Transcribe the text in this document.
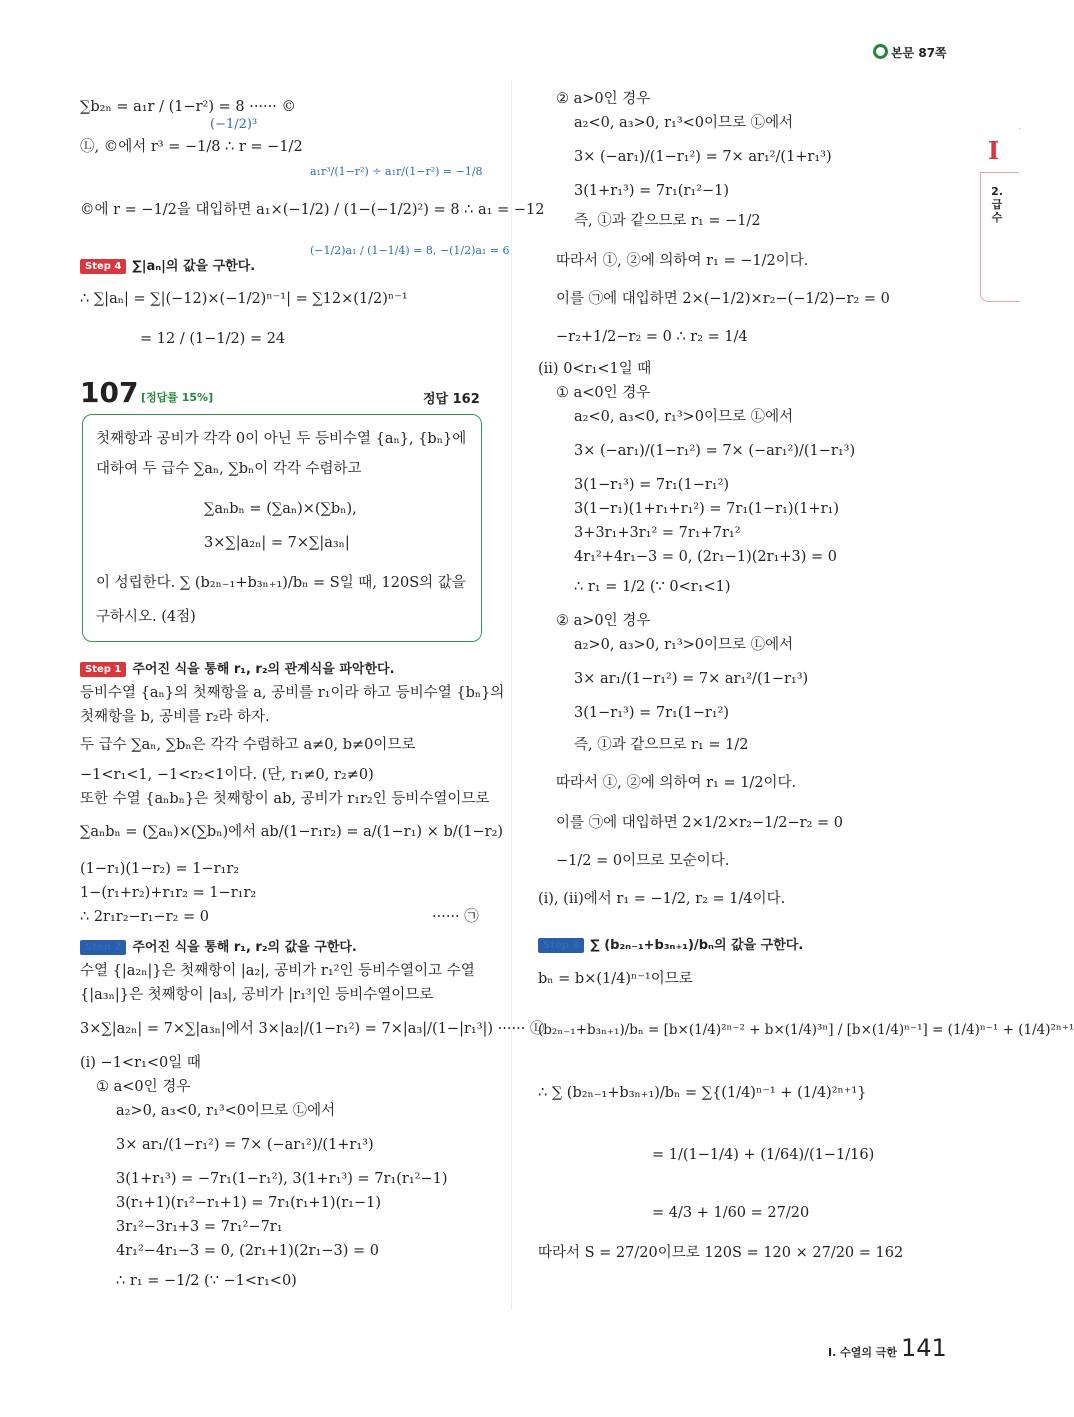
본문 87쪽
I
2. 급수
∑b₂ₙ = a₁r / (1−r²) = 8 ······ ©
(−1/2)³
Ⓛ, ©에서 r³ = −1/8 ∴ r = −1/2
a₁r³/(1−r²) ÷ a₁r/(1−r²) = −1/8
©에 r = −1/2을 대입하면 a₁×(−1/2) / (1−(−1/2)²) = 8 ∴ a₁ = −12
(−1/2)a₁ / (1−1/4) = 8, −(1/2)a₁ = 6
Step 4 ∑|aₙ|의 값을 구한다.
∴ ∑|aₙ| = ∑|(−12)×(−1/2)ⁿ⁻¹| = ∑12×(1/2)ⁿ⁻¹
= 12 / (1−1/2) = 24
107 [정답률 15%]	정답 162
첫째항과 공비가 각각 0이 아닌 두 등비수열 {aₙ}, {bₙ}에
대하여 두 급수 ∑aₙ, ∑bₙ이 각각 수렴하고
∑aₙbₙ = (∑aₙ)×(∑bₙ),
3×∑|a₂ₙ| = 7×∑|a₃ₙ|
이 성립한다. ∑ (b₂ₙ₋₁+b₃ₙ₊₁)/bₙ = S일 때, 120S의 값을
구하시오. (4점)
Step 1 주어진 식을 통해 r₁, r₂의 관계식을 파악한다.
등비수열 {aₙ}의 첫째항을 a, 공비를 r₁이라 하고 등비수열 {bₙ}의
첫째항을 b, 공비를 r₂라 하자.
두 급수 ∑aₙ, ∑bₙ은 각각 수렴하고 a≠0, b≠0이므로
−1<r₁<1, −1<r₂<1이다. (단, r₁≠0, r₂≠0)
또한 수열 {aₙbₙ}은 첫째항이 ab, 공비가 r₁r₂인 등비수열이므로
∑aₙbₙ = (∑aₙ)×(∑bₙ)에서 ab/(1−r₁r₂) = a/(1−r₁) × b/(1−r₂)
(1−r₁)(1−r₂) = 1−r₁r₂
1−(r₁+r₂)+r₁r₂ = 1−r₁r₂
∴ 2r₁r₂−r₁−r₂ = 0	······ ㉠
Step 2 주어진 식을 통해 r₁, r₂의 값을 구한다.
수열 {|a₂ₙ|}은 첫째항이 |a₂|, 공비가 r₁²인 등비수열이고 수열
{|a₃ₙ|}은 첫째항이 |a₃|, 공비가 |r₁³|인 등비수열이므로
3×∑|a₂ₙ| = 7×∑|a₃ₙ|에서 3×|a₂|/(1−r₁²) = 7×|a₃|/(1−|r₁³|) ······ Ⓛ
(i) −1<r₁<0일 때
① a<0인 경우
a₂>0, a₃<0, r₁³<0이므로 Ⓛ에서
3× ar₁/(1−r₁²) = 7× (−ar₁²)/(1+r₁³)
3(1+r₁³) = −7r₁(1−r₁²), 3(1+r₁³) = 7r₁(r₁²−1)
3(r₁+1)(r₁²−r₁+1) = 7r₁(r₁+1)(r₁−1)
3r₁²−3r₁+3 = 7r₁²−7r₁
4r₁²−4r₁−3 = 0, (2r₁+1)(2r₁−3) = 0
∴ r₁ = −1/2 (∵ −1<r₁<0)
② a>0인 경우
a₂<0, a₃>0, r₁³<0이므로 Ⓛ에서
3× (−ar₁)/(1−r₁²) = 7× ar₁²/(1+r₁³)
3(1+r₁³) = 7r₁(r₁²−1)
즉, ①과 같으므로 r₁ = −1/2
따라서 ①, ②에 의하여 r₁ = −1/2이다.
이를 ㉠에 대입하면 2×(−1/2)×r₂−(−1/2)−r₂ = 0
−r₂+1/2−r₂ = 0 ∴ r₂ = 1/4
(ii) 0<r₁<1일 때
① a<0인 경우
a₂<0, a₃<0, r₁³>0이므로 Ⓛ에서
3× (−ar₁)/(1−r₁²) = 7× (−ar₁²)/(1−r₁³)
3(1−r₁³) = 7r₁(1−r₁²)
3(1−r₁)(1+r₁+r₁²) = 7r₁(1−r₁)(1+r₁)
3+3r₁+3r₁² = 7r₁+7r₁²
4r₁²+4r₁−3 = 0, (2r₁−1)(2r₁+3) = 0
∴ r₁ = 1/2 (∵ 0<r₁<1)
② a>0인 경우
a₂>0, a₃>0, r₁³>0이므로 Ⓛ에서
3× ar₁/(1−r₁²) = 7× ar₁²/(1−r₁³)
3(1−r₁³) = 7r₁(1−r₁²)
즉, ①과 같으므로 r₁ = 1/2
따라서 ①, ②에 의하여 r₁ = 1/2이다.
이를 ㉠에 대입하면 2×1/2×r₂−1/2−r₂ = 0
−1/2 = 0이므로 모순이다.
(i), (ii)에서 r₁ = −1/2, r₂ = 1/4이다.
Step 3 ∑ (b₂ₙ₋₁+b₃ₙ₊₁)/bₙ의 값을 구한다.
bₙ = b×(1/4)ⁿ⁻¹이므로
(b₂ₙ₋₁+b₃ₙ₊₁)/bₙ = [b×(1/4)²ⁿ⁻² + b×(1/4)³ⁿ] / [b×(1/4)ⁿ⁻¹] = (1/4)ⁿ⁻¹ + (1/4)²ⁿ⁺¹
∴ ∑ (b₂ₙ₋₁+b₃ₙ₊₁)/bₙ = ∑{(1/4)ⁿ⁻¹ + (1/4)²ⁿ⁺¹}
= 1/(1−1/4) + (1/64)/(1−1/16)
= 4/3 + 1/60 = 27/20
따라서 S = 27/20이므로 120S = 120 × 27/20 = 162
I. 수열의 극한 141
